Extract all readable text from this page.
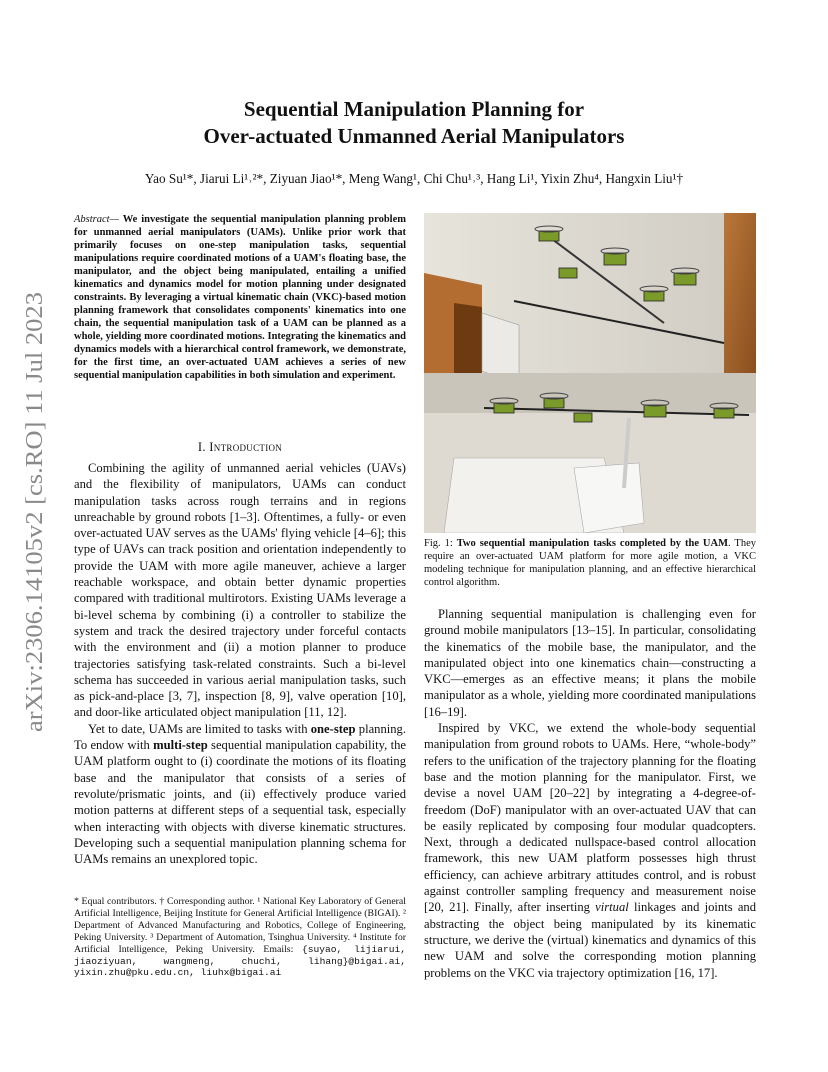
arXiv:2306.14105v2 [cs.RO] 11 Jul 2023
Sequential Manipulation Planning for
Over-actuated Unmanned Aerial Manipulators
Yao Su¹*, Jiarui Li¹˒²*, Ziyuan Jiao¹*, Meng Wang¹, Chi Chu¹˒³, Hang Li¹, Yixin Zhu⁴, Hangxin Liu¹†
Abstract— We investigate the sequential manipulation planning problem for unmanned aerial manipulators (UAMs). Unlike prior work that primarily focuses on one-step manipulation tasks, sequential manipulations require coordinated motions of a UAM's floating base, the manipulator, and the object being manipulated, entailing a unified kinematics and dynamics model for motion planning under designated constraints. By leveraging a virtual kinematic chain (VKC)-based motion planning framework that consolidates components' kinematics into one chain, the sequential manipulation task of a UAM can be planned as a whole, yielding more coordinated motions. Integrating the kinematics and dynamics models with a hierarchical control framework, we demonstrate, for the first time, an over-actuated UAM achieves a series of new sequential manipulation capabilities in both simulation and experiment.
I. Introduction

Combining the agility of unmanned aerial vehicles (UAVs) and the flexibility of manipulators, UAMs can conduct manipulation tasks across rough terrains and in regions unreachable by ground robots [1–3]. Oftentimes, a fully- or even over-actuated UAV serves as the UAMs' flying vehicle [4–6]; this type of UAVs can track position and orientation independently to provide the UAM with more agile maneuver, achieve a larger reachable workspace, and obtain better dynamic properties compared with traditional multirotors. Existing UAMs leverage a bi-level schema by combining (i) a controller to stabilize the system and track the desired trajectory under forceful contacts with the environment and (ii) a motion planner to produce trajectories satisfying task-related constraints. Such a bi-level schema has succeeded in various aerial manipulation tasks, such as pick-and-place [3, 7], inspection [8, 9], valve operation [10], and door-like articulated object manipulation [11, 12].

Yet to date, UAMs are limited to tasks with one-step planning. To endow with multi-step sequential manipulation capability, the UAM platform ought to (i) coordinate the motions of its floating base and the manipulator that consists of a series of revolute/prismatic joints, and (ii) effectively produce varied motion patterns at different steps of a sequential task, especially when interacting with objects with diverse kinematic structures. Developing such a sequential manipulation planning schema for UAMs remains an unexplored topic.

* Equal contributors. † Corresponding author. ¹ National Key Laboratory of General Artificial Intelligence, Beijing Institute for General Artificial Intelligence (BIGAI). ² Department of Advanced Manufacturing and Robotics, College of Engineering, Peking University. ³ Department of Automation, Tsinghua University. ⁴ Institute for Artificial Intelligence, Peking University. Emails: {suyao, lijiarui, jiaoziyuan, wangmeng, chuchi, lihang}@bigai.ai, yixin.zhu@pku.edu.cn, liuhx@bigai.ai
Fig. 1: Two sequential manipulation tasks completed by the UAM. They require an over-actuated UAM platform for more agile motion, a VKC modeling technique for manipulation planning, and an effective hierarchical control algorithm.

Planning sequential manipulation is challenging even for ground mobile manipulators [13–15]. In particular, consolidating the kinematics of the mobile base, the manipulator, and the manipulated object into one kinematics chain—constructing a VKC—emerges as an effective means; it plans the mobile manipulator as a whole, yielding more coordinated manipulations [16–19].

Inspired by VKC, we extend the whole-body sequential manipulation from ground robots to UAMs. Here, “whole-body” refers to the unification of the trajectory planning for the floating base and the motion planning for the manipulator. First, we devise a novel UAM [20–22] by integrating a 4-degree-of-freedom (DoF) manipulator with an over-actuated UAV that can be easily replicated by composing four modular quadcopters. Next, through a dedicated nullspace-based control allocation framework, this new UAM platform possesses high thrust efficiency, can achieve arbitrary attitudes control, and is robust against controller sampling frequency and measurement noise [20, 21]. Finally, after inserting virtual linkages and joints and abstracting the object being manipulated by its kinematic structure, we derive the (virtual) kinematics and dynamics of this new UAM and solve the corresponding motion planning problems on the VKC via trajectory optimization [16, 17].
